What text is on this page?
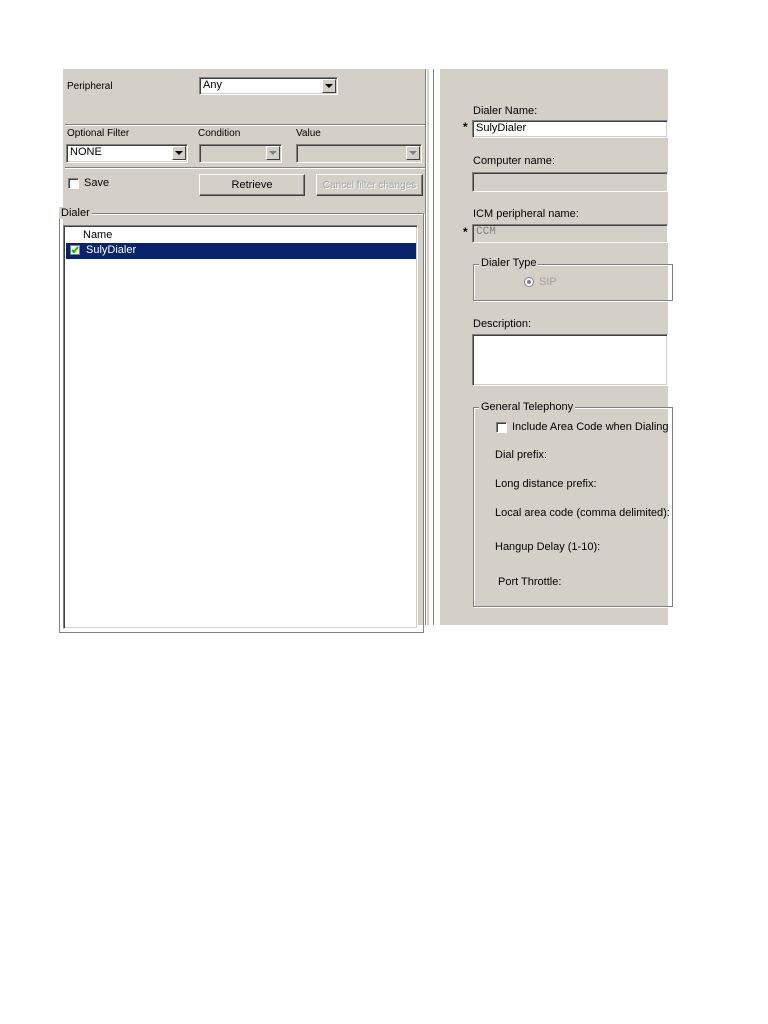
Peripheral	Any
Optional Filter	Condition	Value
NONE
Save	Retrieve	Cancel filter changes
Dialer
Name
SulyDialer
Dialer Name:
* SulyDialer
Computer name:
ICM peripheral name:
* CCM
Dialer Type
SIP
Description:
General Telephony
Include Area Code when Dialing
Dial prefix:
Long distance prefix:
Local area code (comma delimited):
Hangup Delay (1-10):
Port Throttle:
